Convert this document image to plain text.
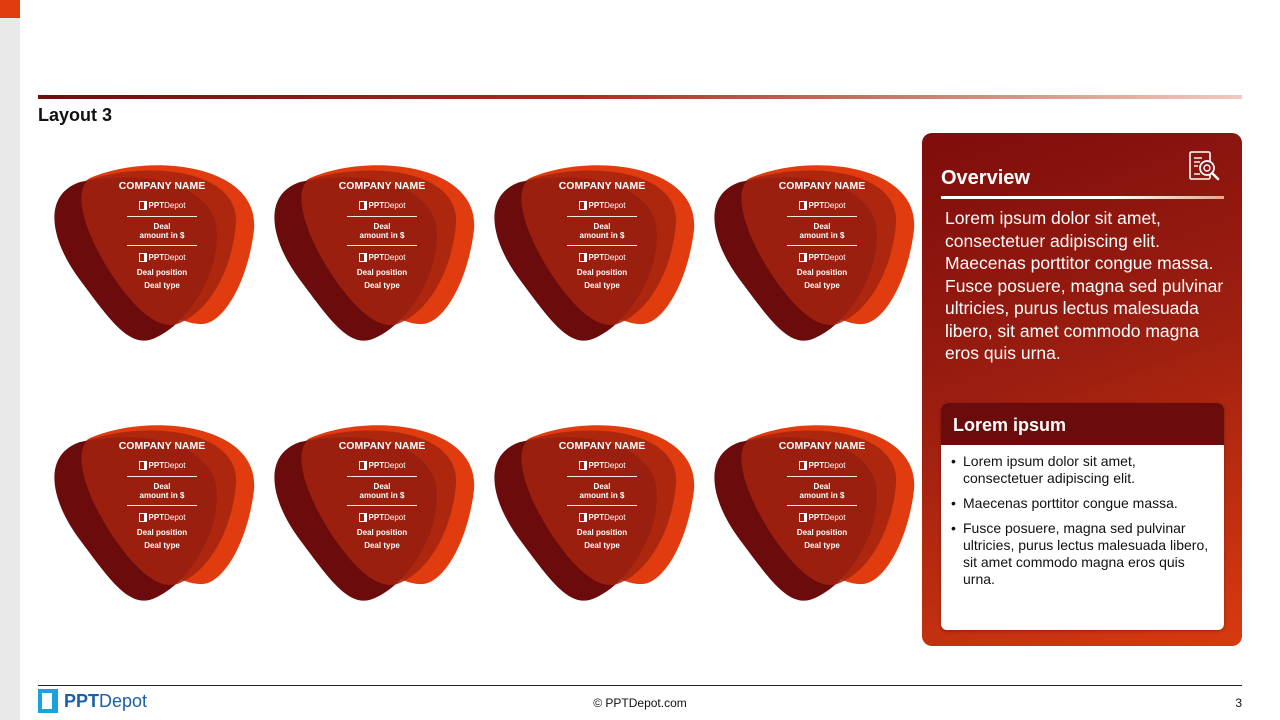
Layout 3
YEAR	COMPANY NAME
PPTDepot
Deal
amount in $
PPTDepot
Deal position
Deal type
YEAR	COMPANY NAME
PPTDepot
Deal
amount in $
PPTDepot
Deal position
Deal type
YEAR	COMPANY NAME
PPTDepot
Deal
amount in $
PPTDepot
Deal position
Deal type
YEAR	COMPANY NAME
PPTDepot
Deal
amount in $
PPTDepot
Deal position
Deal type
YEAR	COMPANY NAME
PPTDepot
Deal
amount in $
PPTDepot
Deal position
Deal type
YEAR	COMPANY NAME
PPTDepot
Deal
amount in $
PPTDepot
Deal position
Deal type
YEAR	COMPANY NAME
PPTDepot
Deal
amount in $
PPTDepot
Deal position
Deal type
YEAR	COMPANY NAME
PPTDepot
Deal
amount in $
PPTDepot
Deal position
Deal type
Overview
Lorem ipsum dolor sit amet, consectetuer adipiscing elit. Maecenas porttitor congue massa. Fusce posuere, magna sed pulvinar ultricies, purus lectus malesuada libero, sit amet commodo magna eros quis urna.
Lorem ipsum
• Lorem ipsum dolor sit amet, consectetuer adipiscing elit.
• Maecenas porttitor congue massa.
• Fusce posuere, magna sed pulvinar ultricies, purus lectus malesuada libero, sit amet commodo magna eros quis urna.
PPTDepot	© PPTDepot.com	3
